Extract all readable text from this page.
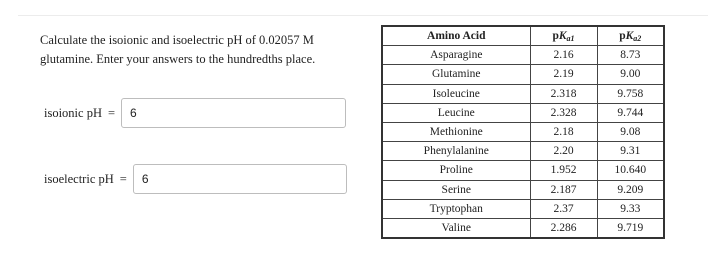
Calculate the isoionic and isoelectric pH of 0.02057 M glutamine. Enter your answers to the hundredths place.
isoionic pH =	6
isoelectric pH =	6
Amino Acid	$pK_{a1}$	$pK_{a2}$
Asparagine	2.16	8.73
Glutamine	2.19	9.00
Isoleucine	2.318	9.758
Leucine	2.328	9.744
Methionine	2.18	9.08
Phenylalanine	2.20	9.31
Proline	1.952	10.640
Serine	2.187	9.209
Tryptophan	2.37	9.33
Valine	2.286	9.719
